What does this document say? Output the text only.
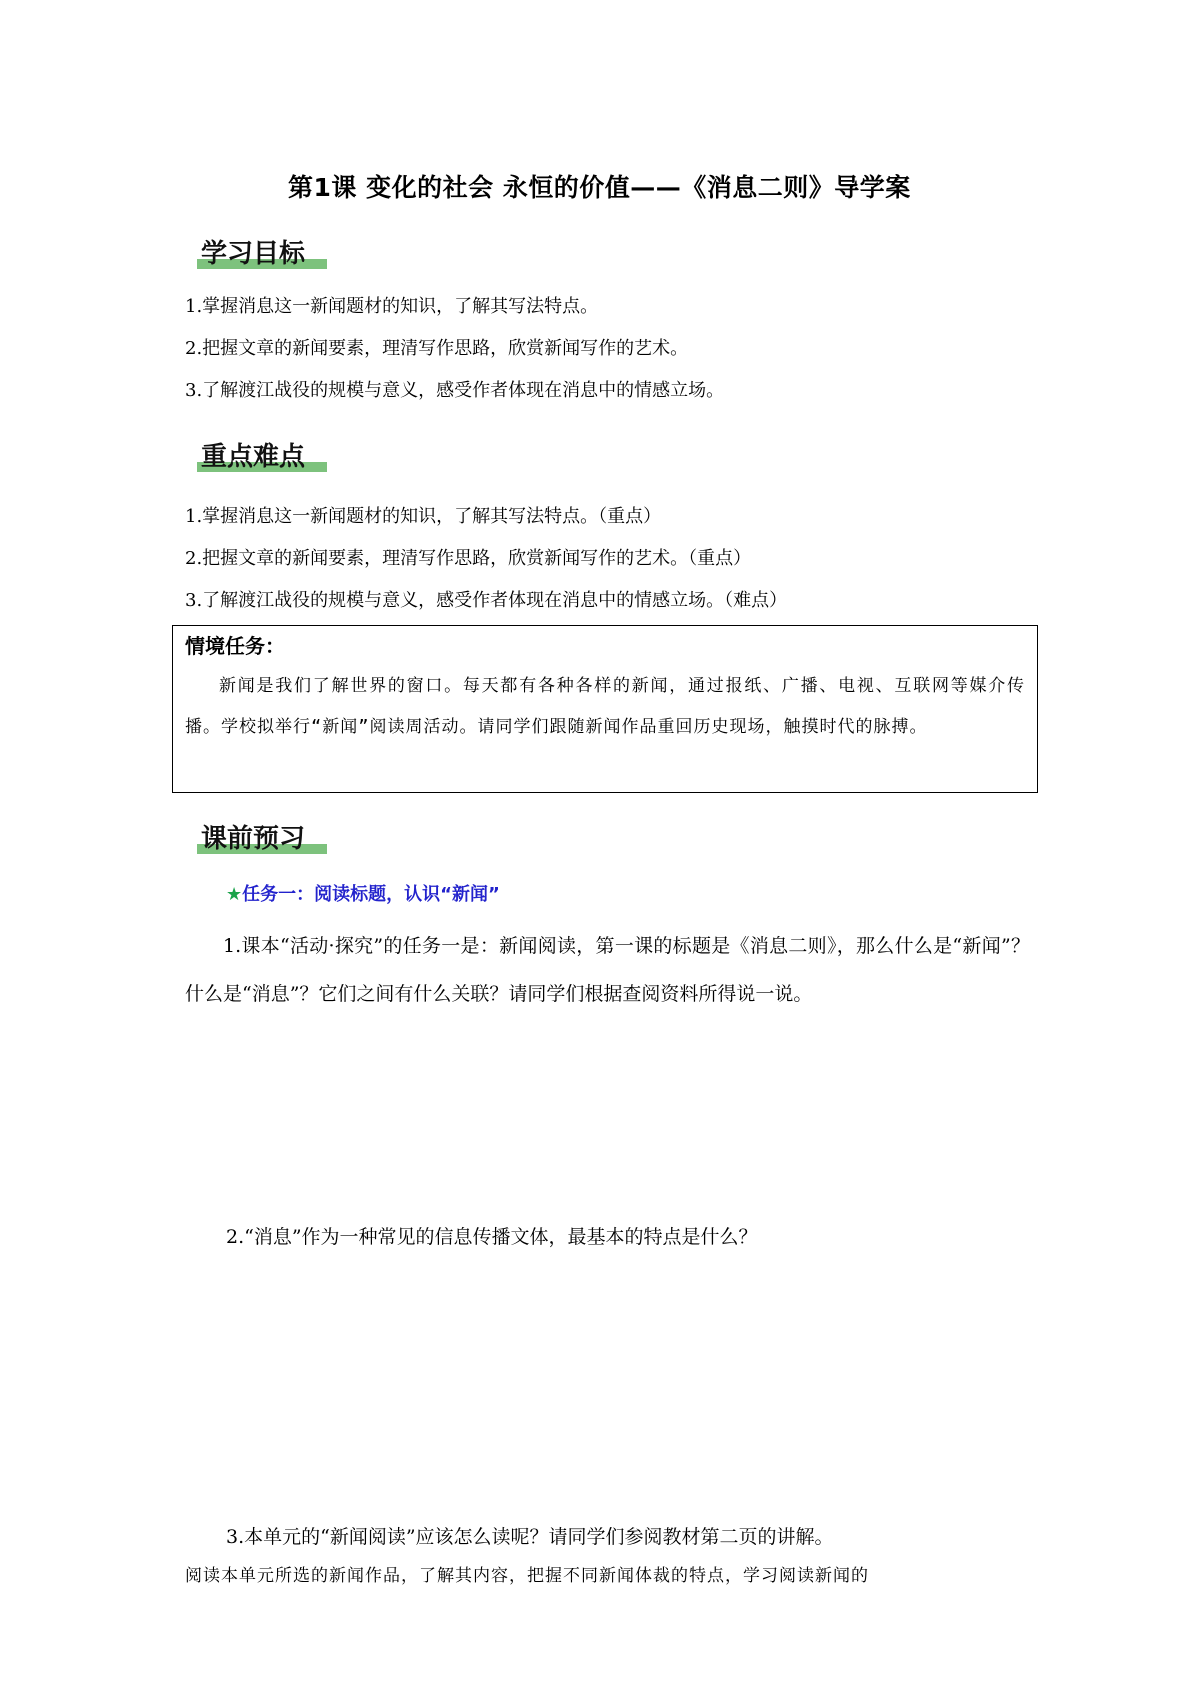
第1课 变化的社会 永恒的价值——《消息二则》导学案
学习目标
1.掌握消息这一新闻题材的知识，了解其写法特点。
2.把握文章的新闻要素，理清写作思路，欣赏新闻写作的艺术。
3.了解渡江战役的规模与意义，感受作者体现在消息中的情感立场。
重点难点
1.掌握消息这一新闻题材的知识，了解其写法特点。（重点）
2.把握文章的新闻要素，理清写作思路，欣赏新闻写作的艺术。（重点）
3.了解渡江战役的规模与意义，感受作者体现在消息中的情感立场。（难点）
情境任务：
新闻是我们了解世界的窗口。每天都有各种各样的新闻，通过报纸、广播、电视、互联网等媒介传播。学校拟举行“新闻”阅读周活动。请同学们跟随新闻作品重回历史现场，触摸时代的脉搏。
课前预习
★任务一：阅读标题，认识“新闻”
1.课本“活动·探究”的任务一是：新闻阅读，第一课的标题是《消息二则》，那么什么是“新闻”？什么是“消息”？它们之间有什么关联？请同学们根据查阅资料所得说一说。
2.“消息”作为一种常见的信息传播文体，最基本的特点是什么？
3.本单元的“新闻阅读”应该怎么读呢？请同学们参阅教材第二页的讲解。
阅读本单元所选的新闻作品，了解其内容，把握不同新闻体裁的特点，学习阅读新闻的
